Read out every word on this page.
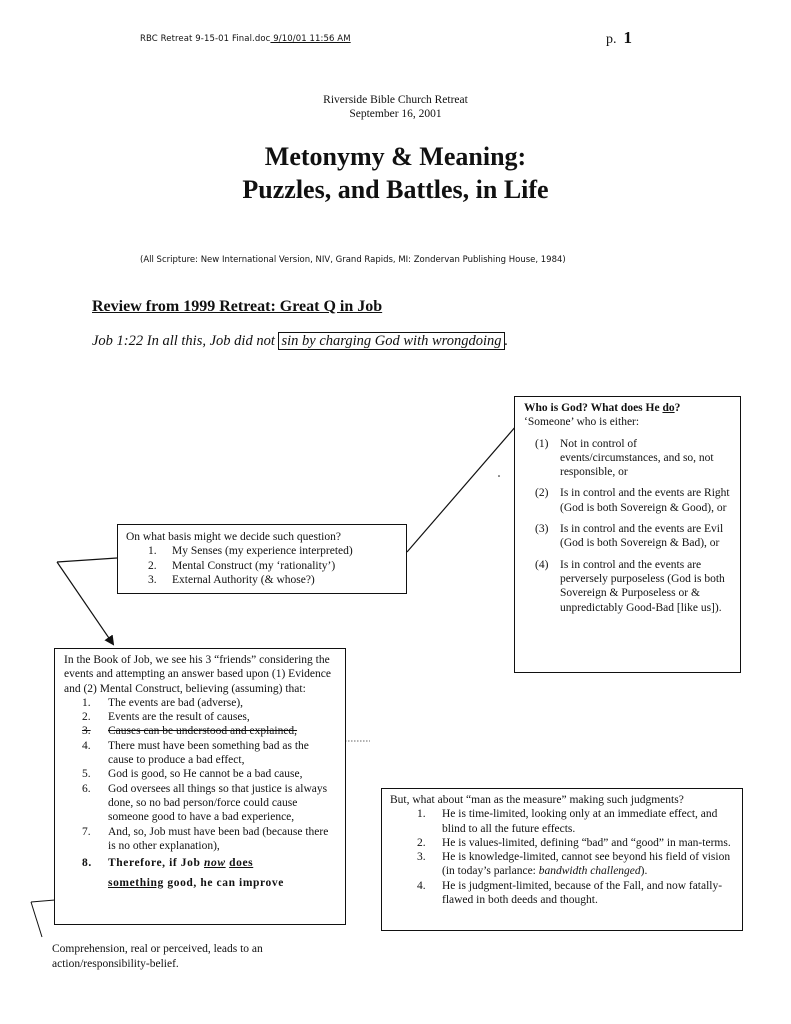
RBC Retreat 9-15-01 Final.doc 9/10/01 11:56 AM	p. 1
Riverside Bible Church Retreat
September 16, 2001
Metonymy & Meaning:
Puzzles, and Battles, in Life
(All Scripture: New International Version, NIV, Grand Rapids, MI: Zondervan Publishing House, 1984)
Review from 1999 Retreat: Great Q in Job
Job 1:22 In all this, Job did not sin by charging God with wrongdoing .
On what basis might we decide such question?
1.	My Senses (my experience interpreted)
2.	Mental Construct (my ‘rationality’)
3.	External Authority (& whose?)
Who is God? What does He do?
‘Someone’ who is either:
(1)	Not in control of events/circumstances, and so, not responsible, or
(2)	Is in control and the events are Right (God is both Sovereign & Good), or
(3)	Is in control and the events are Evil (God is both Sovereign & Bad), or
(4)	Is in control and the events are perversely purposeless (God is both Sovereign & Purposeless or & unpredictably Good-Bad [like us]).
In the Book of Job, we see his 3 “friends” considering the events and attempting an answer based upon (1) Evidence and (2) Mental Construct, believing (assuming) that:
1.	The events are bad (adverse),
2.	Events are the result of causes,
3.	Causes can be understood and explained,
4.	There must have been something bad as the cause to produce a bad effect,
5.	God is good, so He cannot be a bad cause,
6.	God oversees all things so that justice is always done, so no bad person/force could cause someone good to have a bad experience,
7.	And, so, Job must have been bad (because there is no other explanation),
8.	Therefore, if Job now does
something good, he can improve
But, what about “man as the measure” making such judgments?
1.	He is time-limited, looking only at an immediate effect, and blind to all the future effects.
2.	He is values-limited, defining “bad” and “good” in man-terms.
3.	He is knowledge-limited, cannot see beyond his field of vision (in today’s parlance: bandwidth challenged).
4.	He is judgment-limited, because of the Fall, and now fatally-flawed in both deeds and thought.
Comprehension, real or perceived, leads to an action/responsibility-belief.
